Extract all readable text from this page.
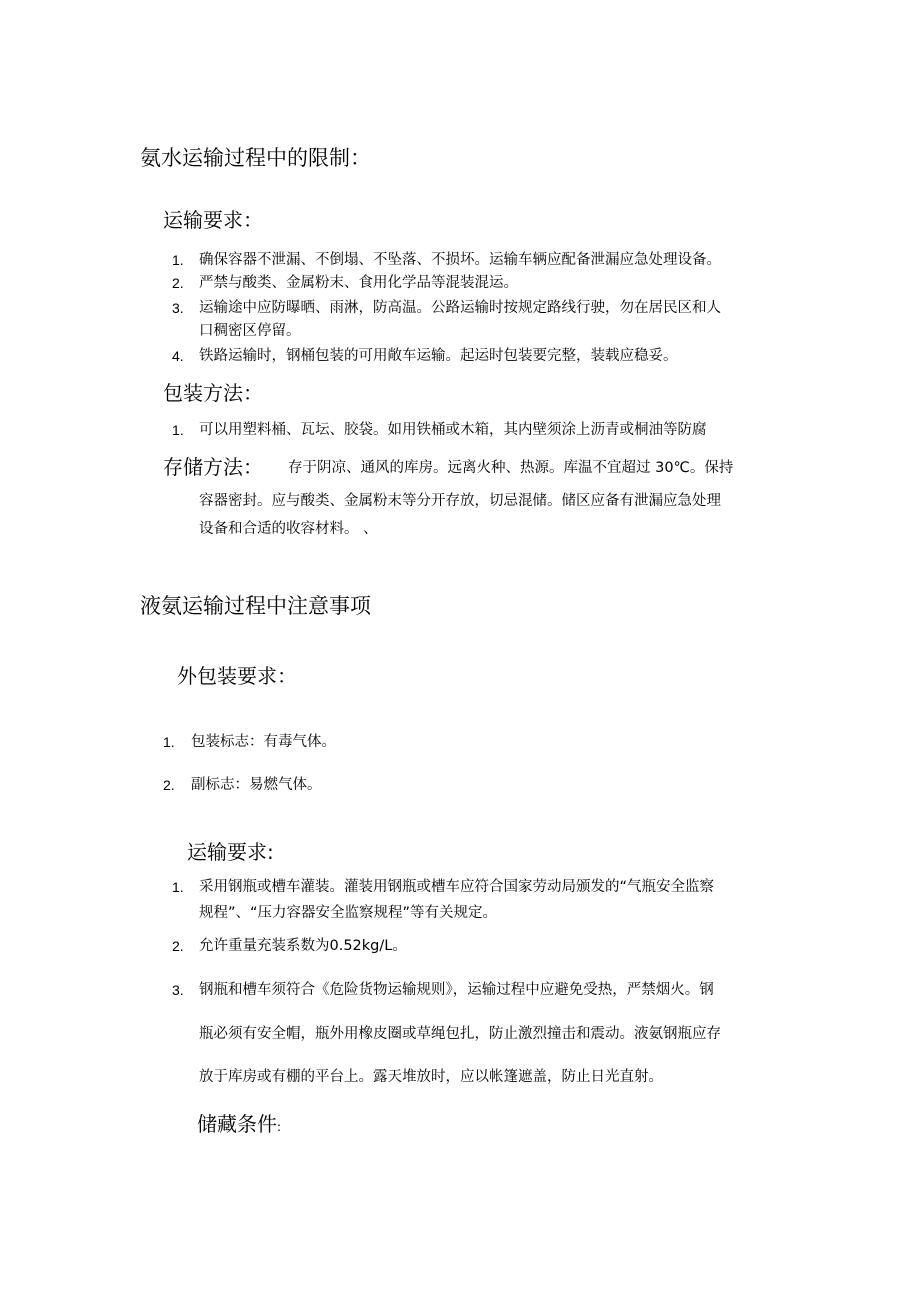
氨水运输过程中的限制：
运输要求：
1. 确保容器不泄漏、不倒塌、不坠落、不损坏。运输车辆应配备泄漏应急处理设备。
2. 严禁与酸类、金属粉末、食用化学品等混装混运。
3. 运输途中应防曝晒、雨淋，防高温。公路运输时按规定路线行驶，勿在居民区和人
口稠密区停留。
4. 铁路运输时，钢桶包装的可用敞车运输。起运时包装要完整，装载应稳妥。
包装方法：
1. 可以用塑料桶、瓦坛、胶袋。如用铁桶或木箱，其内壁须涂上沥青或桐油等防腐
存储方法： 存于阴凉、通风的库房。远离火种、热源。库温不宜超过 30℃。保持
容器密封。应与酸类、金属粉末等分开存放，切忌混储。储区应备有泄漏应急处理
设备和合适的收容材料。 、
液氨运输过程中注意事项
外包装要求：
1. 包装标志：有毒气体。
2. 副标志：易燃气体。
运输要求:
1. 采用钢瓶或槽车灌装。灌装用钢瓶或槽车应符合国家劳动局颁发的“气瓶安全监察
规程”、“压力容器安全监察规程”等有关规定。
2. 允许重量充装系数为0.52kg/L。
3. 钢瓶和槽车须符合《危险货物运输规则》，运输过程中应避免受热，严禁烟火。钢
瓶必须有安全帽，瓶外用橡皮圈或草绳包扎，防止激烈撞击和震动。液氨钢瓶应存
放于库房或有棚的平台上。露天堆放时，应以帐篷遮盖，防止日光直射。
储藏条件:
